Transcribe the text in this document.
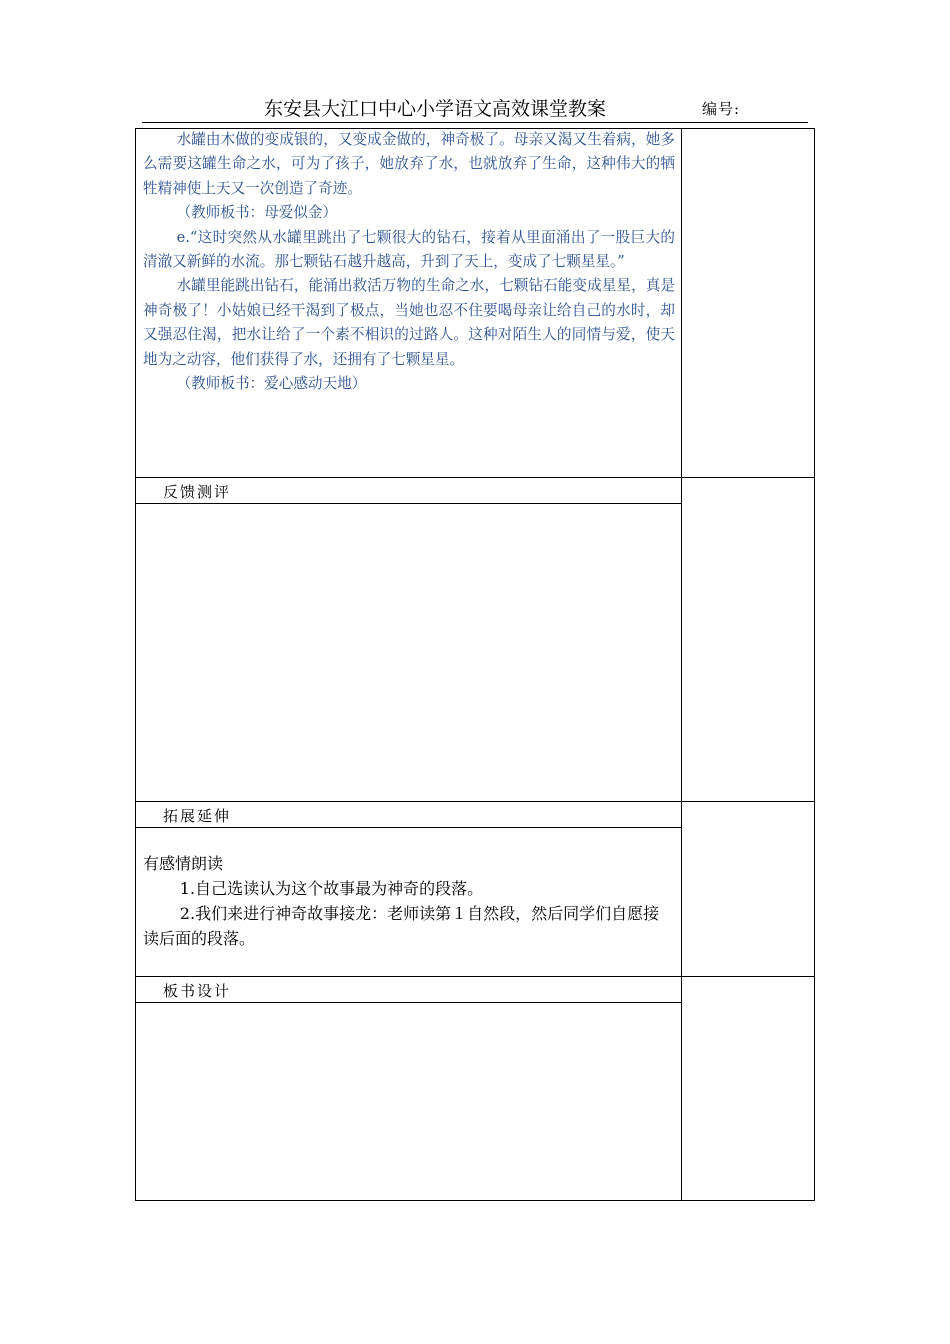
东安县大江口中心小学语文高效课堂教案	编号:

水罐由木做的变成银的，又变成金做的，神奇极了。母亲又渴又生着病，她多么需要这罐生命之水，可为了孩子，她放弃了水，也就放弃了生命，这种伟大的牺牲精神使上天又一次创造了奇迹。

（教师板书：母爱似金）

e.“这时突然从水罐里跳出了七颗很大的钻石，接着从里面涌出了一股巨大的清澈又新鲜的水流。那七颗钻石越升越高，升到了天上，变成了七颗星星。”

水罐里能跳出钻石，能涌出救活万物的生命之水，七颗钻石能变成星星，真是神奇极了！小姑娘已经干渴到了极点，当她也忍不住要喝母亲让给自己的水时，却又强忍住渴，把水让给了一个素不相识的过路人。这种对陌生人的同情与爱，使天地为之动容，他们获得了水，还拥有了七颗星星。

（教师板书：爱心感动天地）

反馈测评
拓展延伸
板书设计

有感情朗读

1.自己选读认为这个故事最为神奇的段落。

2.我们来进行神奇故事接龙：老师读第１自然段，然后同学们自愿接读后面的段落。
